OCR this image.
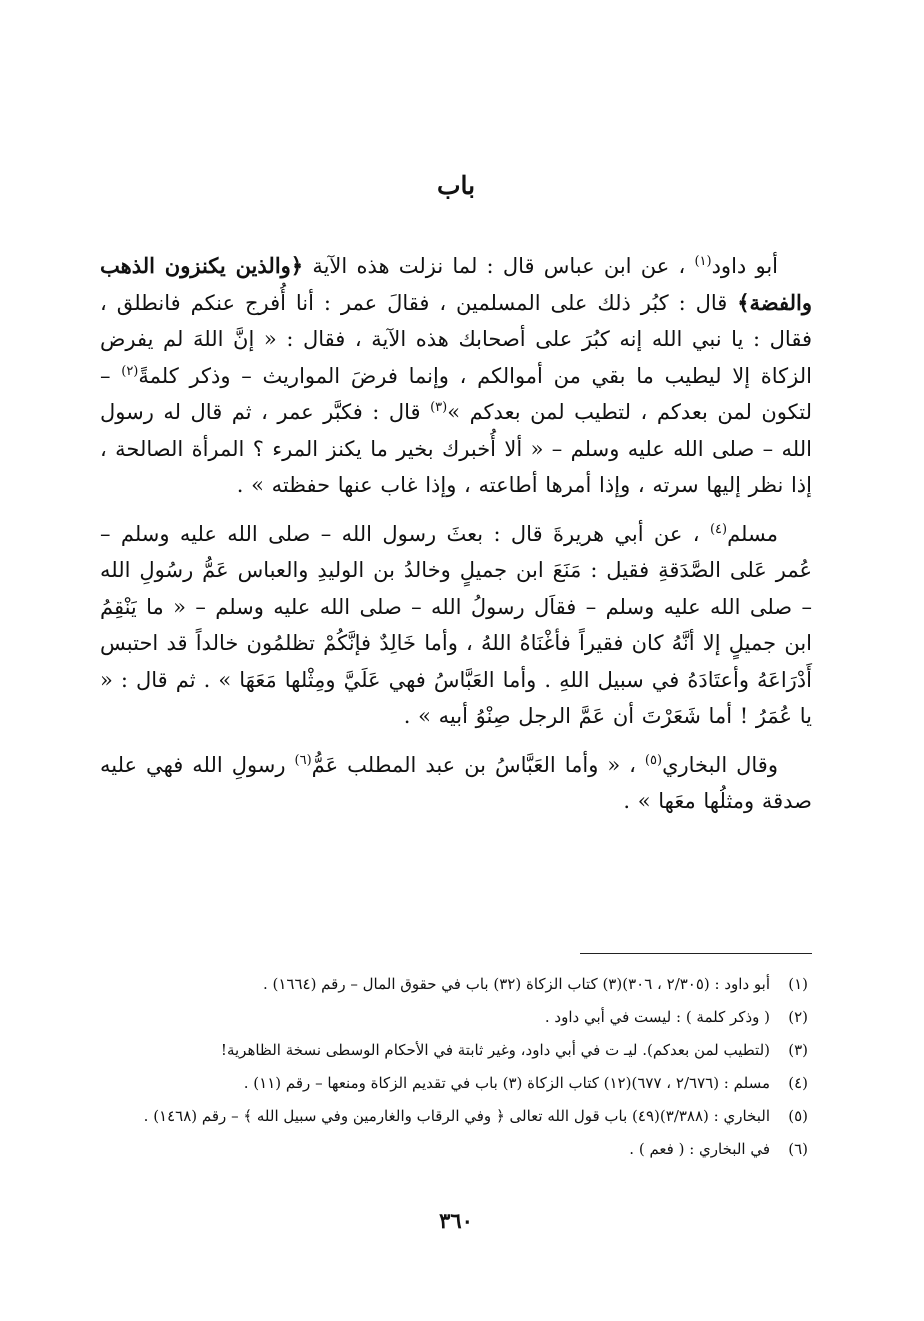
باب

أبو داود$^{(١)}$ ، عن ابن عباس قال : لما نزلت هذه الآية ﴿والذين يكنزون الذهب والفضة﴾ قال : كبُر ذلك على المسلمين ، فقالَ عمر : أنا أُفرج عنكم فانطلق ، فقال : يا نبي الله إنه كبُرَ على أصحابك هذه الآية ، فقال : « إنَّ اللهَ لم يفرض الزكاة إلا ليطيب ما بقي من أموالكم ، وإنما فرضَ المواريث – وذكر كلمةً$^{(٢)}$ – لتكون لمن بعدكم ، لتطيب لمن بعدكم »$^{(٣)}$ قال : فكبَّر عمر ، ثم قال له رسول الله – صلى الله عليه وسلم – « ألا أُخبرك بخير ما يكنز المرء ؟ المرأة الصالحة ، إذا نظر إليها سرته ، وإذا أمرها أطاعته ، وإذا غاب عنها حفظته » .

مسلم$^{(٤)}$ ، عن أبي هريرةَ قال : بعثَ رسول الله – صلى الله عليه وسلم – عُمر عَلى الصَّدَقةِ فقيل : مَنَعَ ابن جميلٍ وخالدُ بن الوليدِ والعباس عَمُّ رسُولِ الله – صلى الله عليه وسلم – فقاَل رسولُ الله – صلى الله عليه وسلم – « ما يَنْقِمُ ابن جميلٍ إلا أنَّهُ كان فقيراً فأغْنَاهُ اللهُ ، وأما خَالِدٌ فإنَّكُمْ تظلمُون خالداً قد احتبس أَدْرَاعَهُ وأعتَادَهُ في سبيل اللهِ . وأما العَبَّاسُ فهي عَلَيَّ ومِثْلها مَعَهَا » . ثم قال : « يا عُمَرُ ! أما شَعَرْتَ أن عَمَّ الرجل صِنْوُ أبيه » .

وقال البخاري$^{(٥)}$ ، « وأما العَبَّاسُ بن عبد المطلب عَمُّ$^{(٦)}$ رسولِ الله فهي عليه صدقة ومثلُها معَها » .

(١)
أبو داود : (٢/٣٠٥ ، ٣٠٦)(٣) كتاب الزكاة (٣٢) باب في حقوق المال – رقم (١٦٦٤) .
(٢)
( وذكر كلمة ) : ليست في أبي داود .
(٣)
(لتطيب لمن بعدكم). ليـ ت في أبي داود، وغير ثابتة في الأحكام الوسطى نسخة الظاهرية!
(٤)
مسلم : (٢/٦٧٦ ، ٦٧٧)(١٢) كتاب الزكاة (٣) باب في تقديم الزكاة ومنعها – رقم (١١) .
(٥)
البخاري : (٣/٣٨٨)(٤٩) باب قول الله تعالى ﴿ وفي الرقاب والغارمين وفي سبيل الله ﴾ – رقم (١٤٦٨) .
(٦)
في البخاري : ( فعم ) .
٣٦٠
